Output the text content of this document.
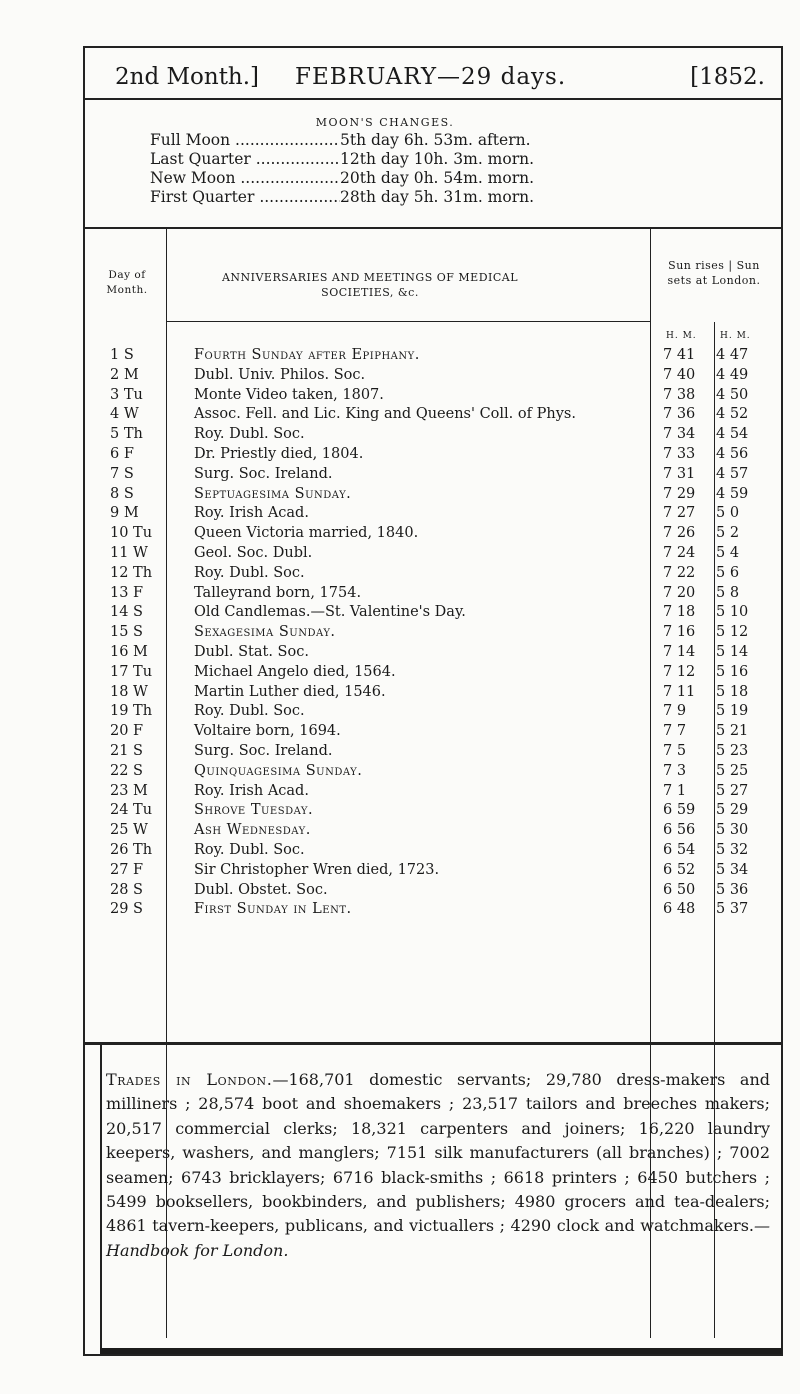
2nd Month.] FEBRUARY—29 days.	[1852.
MOON'S CHANGES.
Full Moon .....	5th day 6h. 53m. aftern.
Last Quarter .....	12th day 10h. 3m. morn.
New Moon .....	20th day 0h. 54m. morn.
First Quarter .....	28th day 5h. 31m. morn.
Day of Month.
ANNIVERSARIES AND MEETINGS OF MEDICAL SOCIETIES, &c.
Sun rises | Sun sets at London.
H. M.	H. M.
1 S	Fourth Sunday after Epiphany.	7 41	4 47
2 M	Dubl. Univ. Philos. Soc.	7 40	4 49
3 Tu	Monte Video taken, 1807.	7 38	4 50
4 W	Assoc. Fell. and Lic. King and Queens' Coll. of Phys.	7 36	4 52
5 Th	Roy. Dubl. Soc.	7 34	4 54
6 F	Dr. Priestly died, 1804.	7 33	4 56
7 S	Surg. Soc. Ireland.	7 31	4 57
8 S	Septuagesima Sunday.	7 29	4 59
9 M	Roy. Irish Acad.	7 27	5 0
10 Tu	Queen Victoria married, 1840.	7 26	5 2
11 W	Geol. Soc. Dubl.	7 24	5 4
12 Th	Roy. Dubl. Soc.	7 22	5 6
13 F	Talleyrand born, 1754.	7 20	5 8
14 S	Old Candlemas.—St. Valentine's Day.	7 18	5 10
15 S	Sexagesima Sunday.	7 16	5 12
16 M	Dubl. Stat. Soc.	7 14	5 14
17 Tu	Michael Angelo died, 1564.	7 12	5 16
18 W	Martin Luther died, 1546.	7 11	5 18
19 Th	Roy. Dubl. Soc.	7 9	5 19
20 F	Voltaire born, 1694.	7 7	5 21
21 S	Surg. Soc. Ireland.	7 5	5 23
22 S	Quinquagesima Sunday.	7 3	5 25
23 M	Roy. Irish Acad.	7 1	5 27
24 Tu	Shrove Tuesday.	6 59	5 29
25 W	Ash Wednesday.	6 56	5 30
26 Th	Roy. Dubl. Soc.	6 54	5 32
27 F	Sir Christopher Wren died, 1723.	6 52	5 34
28 S	Dubl. Obstet. Soc.	6 50	5 36
29 S	First Sunday in Lent.	6 48	5 37
Trades in London.—168,701 domestic servants; 29,780 dress-makers and milliners ; 28,574 boot and shoemakers ; 23,517 tailors and breeches makers; 20,517 commercial clerks; 18,321 carpenters and joiners; 16,220 laundry keepers, washers, and manglers; 7151 silk manufacturers (all branches) ; 7002 seamen; 6743 bricklayers; 6716 black-smiths ; 6618 printers ; 6450 butchers ; 5499 booksellers, bookbinders, and publishers; 4980 grocers and tea-dealers; 4861 tavern-keepers, publicans, and victuallers ; 4290 clock and watchmakers.—Handbook for London.
